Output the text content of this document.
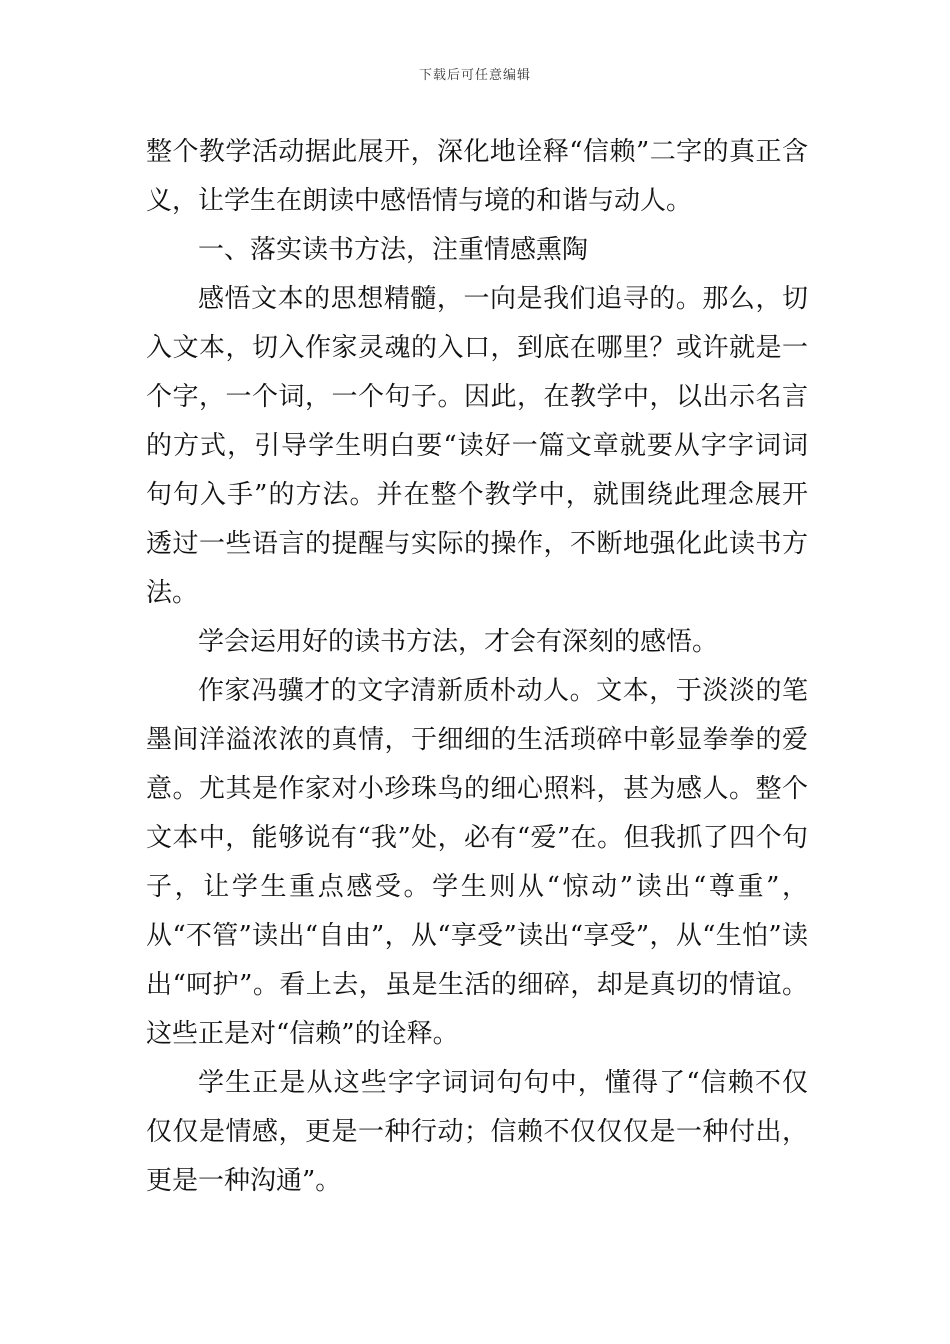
下载后可任意编辑

整个教学活动据此展开，深化地诠释“信赖”二字的真正含义，让学生在朗读中感悟情与境的和谐与动人。

一、落实读书方法，注重情感熏陶

感悟文本的思想精髓，一向是我们追寻的。那么，切入文本，切入作家灵魂的入口，到底在哪里？或许就是一个字，一个词，一个句子。因此，在教学中，以出示名言的方式，引导学生明白要“读好一篇文章就要从字字词词句句入手”的方法。并在整个教学中，就围绕此理念展开透过一些语言的提醒与实际的操作，不断地强化此读书方法。

学会运用好的读书方法，才会有深刻的感悟。

作家冯骥才的文字清新质朴动人。文本，于淡淡的笔墨间洋溢浓浓的真情，于细细的生活琐碎中彰显拳拳的爱意。尤其是作家对小珍珠鸟的细心照料，甚为感人。整个文本中，能够说有“我”处，必有“爱”在。但我抓了四个句子，让学生重点感受。学生则从“惊动”读出“尊重”，从“不管”读出“自由”，从“享受”读出“享受”，从“生怕”读出“呵护”。看上去，虽是生活的细碎，却是真切的情谊。这些正是对“信赖”的诠释。

学生正是从这些字字词词句句中，懂得了“信赖不仅仅仅是情感，更是一种行动；信赖不仅仅仅是一种付出，更是一种沟通”。
